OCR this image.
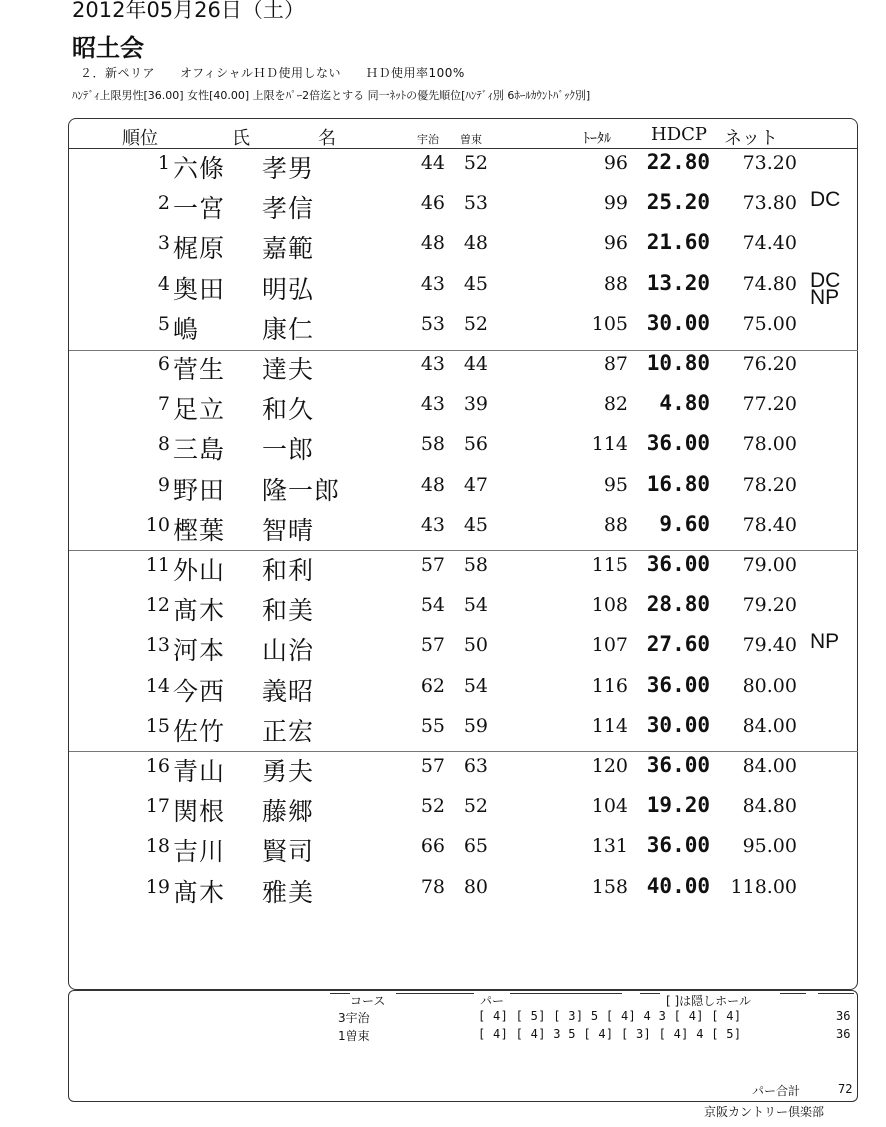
2012年05月26日（土）
昭土会
２．新ペリア　　オフィシャルＨＤ使用しない　　ＨＤ使用率100%
ﾊﾝﾃﾞｨ上限男性[36.00] 女性[40.00] 上限をﾊﾟｰ2倍迄とする 同一ﾈｯﾄの優先順位[ﾊﾝﾃﾞｨ別 6ﾎｰﾙｶｳﾝﾄﾊﾞｯｸ別]
順位	氏	名	宇治 曽束	ﾄｰﾀﾙ HDCP ネット
1 六條 孝男	44 52	96 22.80	73.20
2 一宮 孝信	46 53	99 25.20	73.80 DC
3 梶原 嘉範	48 48	96 21.60	74.40
4 奥田 明弘	43 45	88 13.20	74.80 DC NP
5 嶋	康仁	53 52	105 30.00	75.00
6 菅生 達夫	43 44	87 10.80	76.20
7 足立 和久	43 39	82	4.80	77.20
8 三島 一郎	58 56	114 36.00	78.00
9 野田 隆一郎	48 47	95 16.80	78.20
10 樫葉 智晴	43 45	88	9.60	78.40
11 外山 和利	57 58	115 36.00	79.00
12 髙木 和美	54 54	108 28.80	79.20
13 河本 山治	57 50	107 27.60	79.40 NP
14 今西 義昭	62 54	116 36.00	80.00
15 佐竹 正宏	55 59	114 30.00	84.00
16 青山 勇夫	57 63	120 36.00	84.00
17 関根 藤郷	52 52	104 19.20	84.80
18 吉川 賢司	66 65	131 36.00	95.00
19 髙木 雅美	78 80	158 40.00	118.00
コース	パー	[ ]は隠しホール
3宇治	[ 4] [ 5] [ 3] 5 [ 4] 4 3 [ 4] [ 4]	36
1曽束	[ 4] [ 4] 3 5 [ 4] [ 3] [ 4] 4 [ 5]	36
パー合計	72
京阪カントリー倶楽部
